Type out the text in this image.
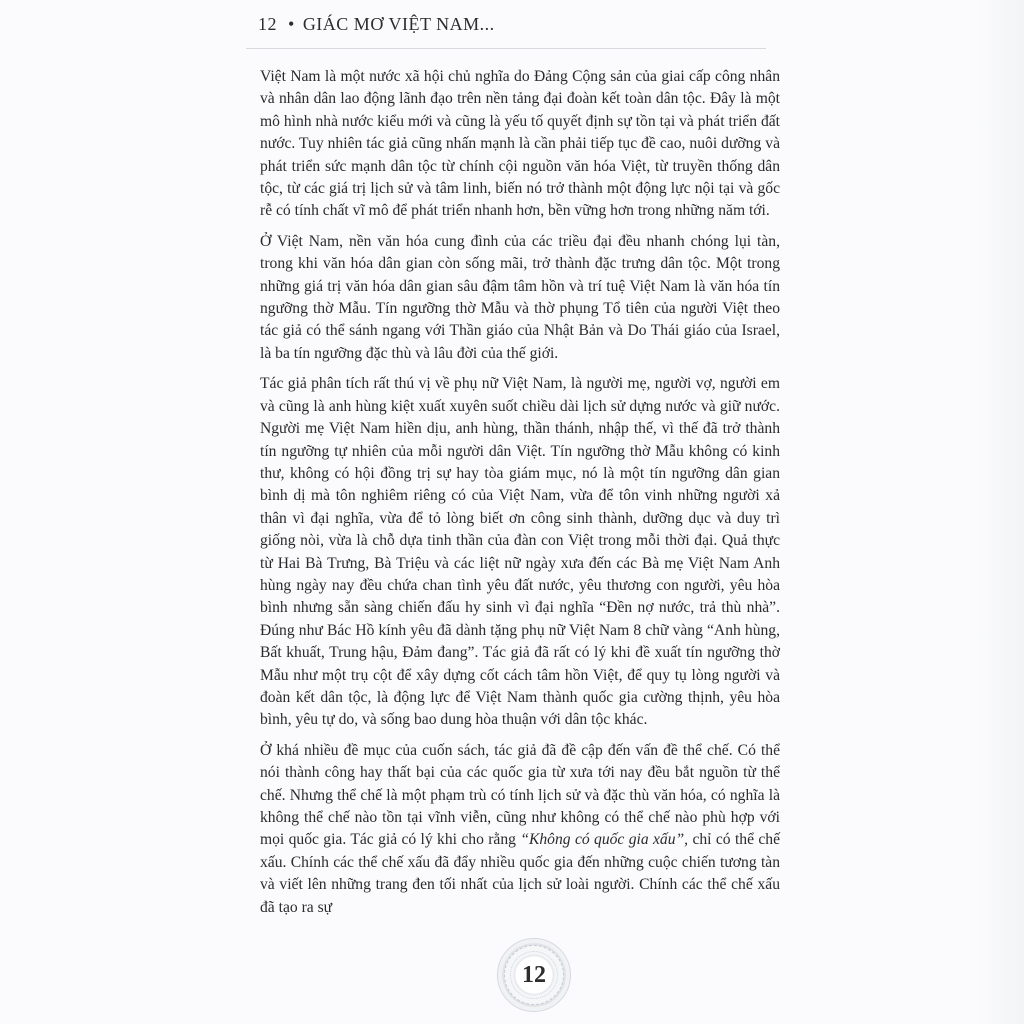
12 • GIÁC MƠ VIỆT NAM...

Việt Nam là một nước xã hội chủ nghĩa do Đảng Cộng sản của giai cấp công nhân và nhân dân lao động lãnh đạo trên nền tảng đại đoàn kết toàn dân tộc. Đây là một mô hình nhà nước kiểu mới và cũng là yếu tố quyết định sự tồn tại và phát triển đất nước. Tuy nhiên tác giả cũng nhấn mạnh là cần phải tiếp tục đề cao, nuôi dưỡng và phát triển sức mạnh dân tộc từ chính cội nguồn văn hóa Việt, từ truyền thống dân tộc, từ các giá trị lịch sử và tâm linh, biến nó trở thành một động lực nội tại và gốc rễ có tính chất vĩ mô để phát triển nhanh hơn, bền vững hơn trong những năm tới.

Ở Việt Nam, nền văn hóa cung đình của các triều đại đều nhanh chóng lụi tàn, trong khi văn hóa dân gian còn sống mãi, trở thành đặc trưng dân tộc. Một trong những giá trị văn hóa dân gian sâu đậm tâm hồn và trí tuệ Việt Nam là văn hóa tín ngưỡng thờ Mẫu. Tín ngưỡng thờ Mẫu và thờ phụng Tổ tiên của người Việt theo tác giả có thể sánh ngang với Thần giáo của Nhật Bản và Do Thái giáo của Israel, là ba tín ngưỡng đặc thù và lâu đời của thế giới.

Tác giả phân tích rất thú vị về phụ nữ Việt Nam, là người mẹ, người vợ, người em và cũng là anh hùng kiệt xuất xuyên suốt chiều dài lịch sử dựng nước và giữ nước. Người mẹ Việt Nam hiền dịu, anh hùng, thần thánh, nhập thế, vì thế đã trở thành tín ngưỡng tự nhiên của mỗi người dân Việt. Tín ngưỡng thờ Mẫu không có kinh thư, không có hội đồng trị sự hay tòa giám mục, nó là một tín ngưỡng dân gian bình dị mà tôn nghiêm riêng có của Việt Nam, vừa để tôn vinh những người xả thân vì đại nghĩa, vừa để tỏ lòng biết ơn công sinh thành, dưỡng dục và duy trì giống nòi, vừa là chỗ dựa tinh thần của đàn con Việt trong mỗi thời đại. Quả thực từ Hai Bà Trưng, Bà Triệu và các liệt nữ ngày xưa đến các Bà mẹ Việt Nam Anh hùng ngày nay đều chứa chan tình yêu đất nước, yêu thương con người, yêu hòa bình nhưng sẵn sàng chiến đấu hy sinh vì đại nghĩa “Đền nợ nước, trả thù nhà”. Đúng như Bác Hồ kính yêu đã dành tặng phụ nữ Việt Nam 8 chữ vàng “Anh hùng, Bất khuất, Trung hậu, Đảm đang”. Tác giả đã rất có lý khi đề xuất tín ngưỡng thờ Mẫu như một trụ cột để xây dựng cốt cách tâm hồn Việt, để quy tụ lòng người và đoàn kết dân tộc, là động lực để Việt Nam thành quốc gia cường thịnh, yêu hòa bình, yêu tự do, và sống bao dung hòa thuận với dân tộc khác.

Ở khá nhiều đề mục của cuốn sách, tác giả đã đề cập đến vấn đề thể chế. Có thể nói thành công hay thất bại của các quốc gia từ xưa tới nay đều bắt nguồn từ thể chế. Nhưng thể chế là một phạm trù có tính lịch sử và đặc thù văn hóa, có nghĩa là không thể chế nào tồn tại vĩnh viễn, cũng như không có thể chế nào phù hợp với mọi quốc gia. Tác giả có lý khi cho rằng “Không có quốc gia xấu”, chỉ có thể chế xấu. Chính các thể chế xấu đã đẩy nhiều quốc gia đến những cuộc chiến tương tàn và viết lên những trang đen tối nhất của lịch sử loài người. Chính các thể chế xấu đã tạo ra sự

12
